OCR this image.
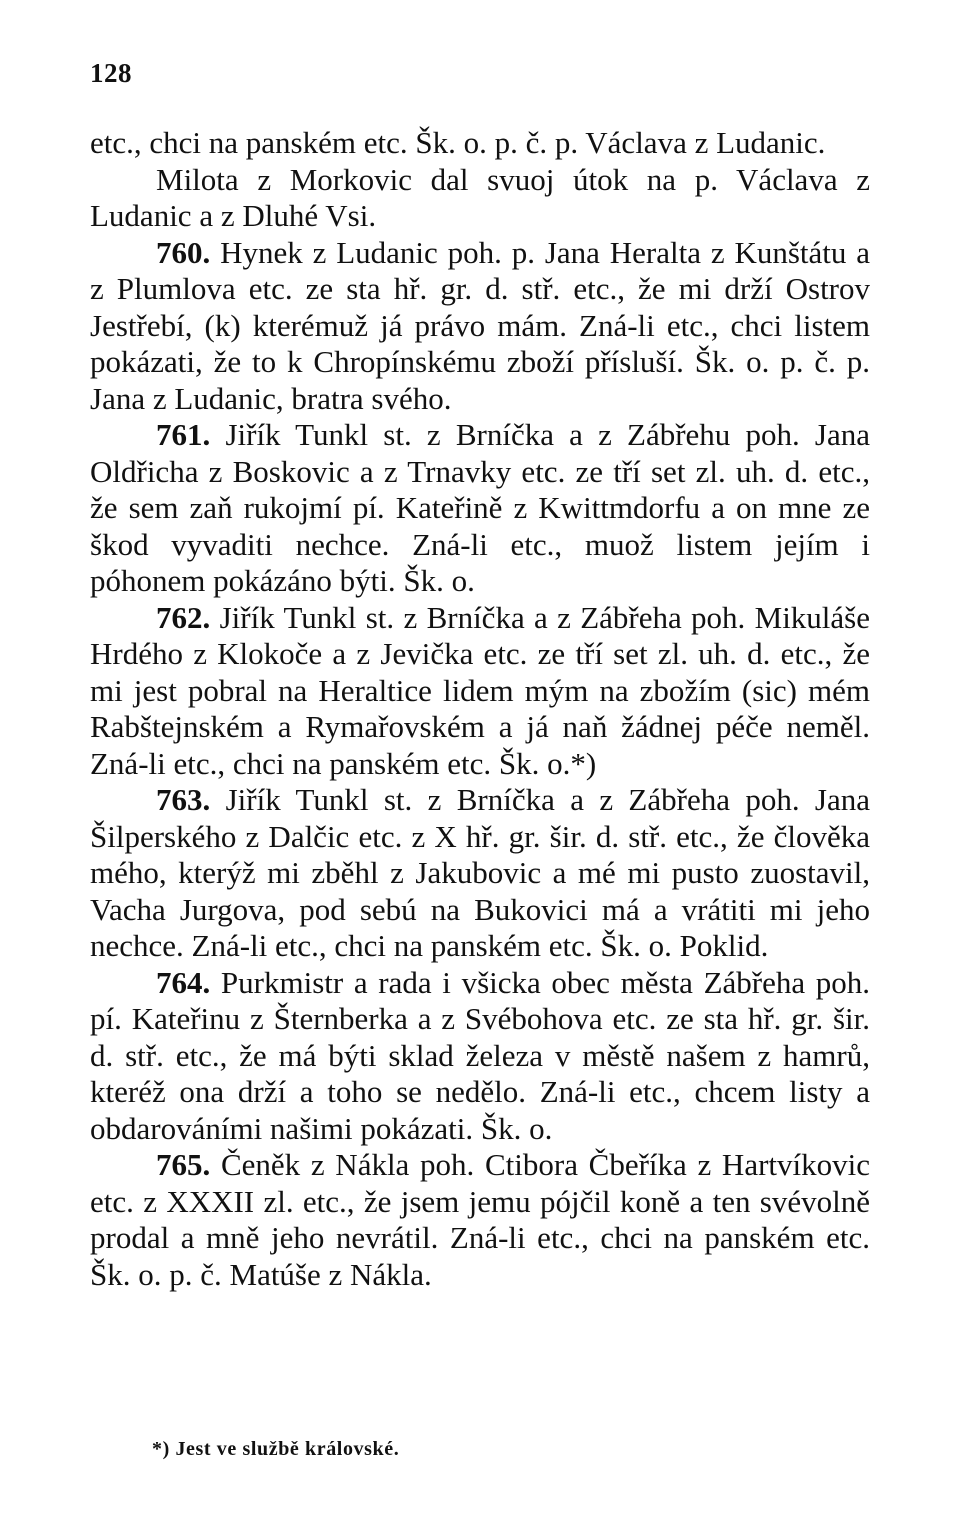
128

etc., chci na panském etc. Šk. o. p. č. p. Václava z Ludanic.

Milota z Morkovic dal svuoj útok na p. Václava z Ludanic a z Dluhé Vsi.

760. Hynek z Ludanic poh. p. Jana Heralta z Kunštátu a z Plumlova etc. ze sta hř. gr. d. stř. etc., že mi drží Ostrov Jestřebí, (k) kterémuž já právo mám. Zná-li etc., chci listem pokázati, že to k Chropínskému zboží přísluší. Šk. o. p. č. p. Jana z Ludanic, bratra svého.

761. Jiřík Tunkl st. z Brníčka a z Zábřehu poh. Jana Oldřicha z Boskovic a z Trnavky etc. ze tří set zl. uh. d. etc., že sem zaň rukojmí pí. Kateřině z Kwittmdorfu a on mne ze škod vyvaditi nechce. Zná-li etc., muož listem jejím i póhonem pokázáno býti. Šk. o.

762. Jiřík Tunkl st. z Brníčka a z Zábřeha poh. Mikuláše Hrdého z Klokoče a z Jevička etc. ze tří set zl. uh. d. etc., že mi jest pobral na Heraltice lidem mým na zbožím (sic) mém Rabštejnském a Rymařovském a já naň žádnej péče neměl. Zná-li etc., chci na panském etc. Šk. o.*)

763. Jiřík Tunkl st. z Brníčka a z Zábřeha poh. Jana Šilperského z Dalčic etc. z X hř. gr. šir. d. stř. etc., že člověka mého, kterýž mi zběhl z Jakubovic a mé mi pusto zuostavil, Vacha Jurgova, pod sebú na Bukovici má a vrátiti mi jeho nechce. Zná-li etc., chci na panském etc. Šk. o. Poklid.

764. Purkmistr a rada i všicka obec města Zábřeha poh. pí. Kateřinu z Šternberka a z Svébohova etc. ze sta hř. gr. šir. d. stř. etc., že má býti sklad železa v městě našem z hamrů, kteréž ona drží a toho se nedělo. Zná-li etc., chcem listy a obdarováními našimi pokázati. Šk. o.

765. Čeněk z Nákla poh. Ctibora Čbeříka z Hartvíkovic etc. z XXXII zl. etc., že jsem jemu pójčil koně a ten svévolně prodal a mně jeho nevrátil. Zná-li etc., chci na panském etc. Šk. o. p. č. Matúše z Nákla.

*) Jest ve službě královské.
